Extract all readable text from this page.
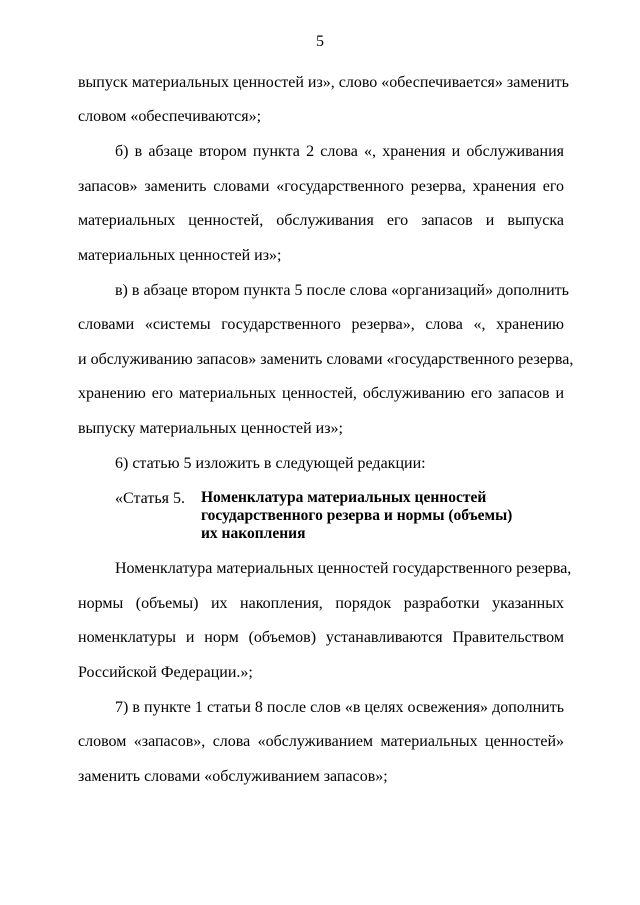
5
выпуск материальных ценностей из», слово «обеспечивается» заменить
словом «обеспечиваются»;
б) в абзаце втором пункта 2 слова «, хранения и обслуживания
запасов» заменить словами «государственного резерва, хранения его
материальных ценностей, обслуживания его запасов и выпуска
материальных ценностей из»;
в) в абзаце втором пункта 5 после слова «организаций» дополнить
словами «системы государственного резерва», слова «, хранению
и обслуживанию запасов» заменить словами «государственного резерва,
хранению его материальных ценностей, обслуживанию его запасов и
выпуску материальных ценностей из»;
6) статью 5 изложить в следующей редакции:
«Статья 5. Номенклатура материальных ценностей
государственного резерва и нормы (объемы)
их накопления
Номенклатура материальных ценностей государственного резерва,
нормы (объемы) их накопления, порядок разработки указанных
номенклатуры и норм (объемов) устанавливаются Правительством
Российской Федерации.»;
7) в пункте 1 статьи 8 после слов «в целях освежения» дополнить
словом «запасов», слова «обслуживанием материальных ценностей»
заменить словами «обслуживанием запасов»;
